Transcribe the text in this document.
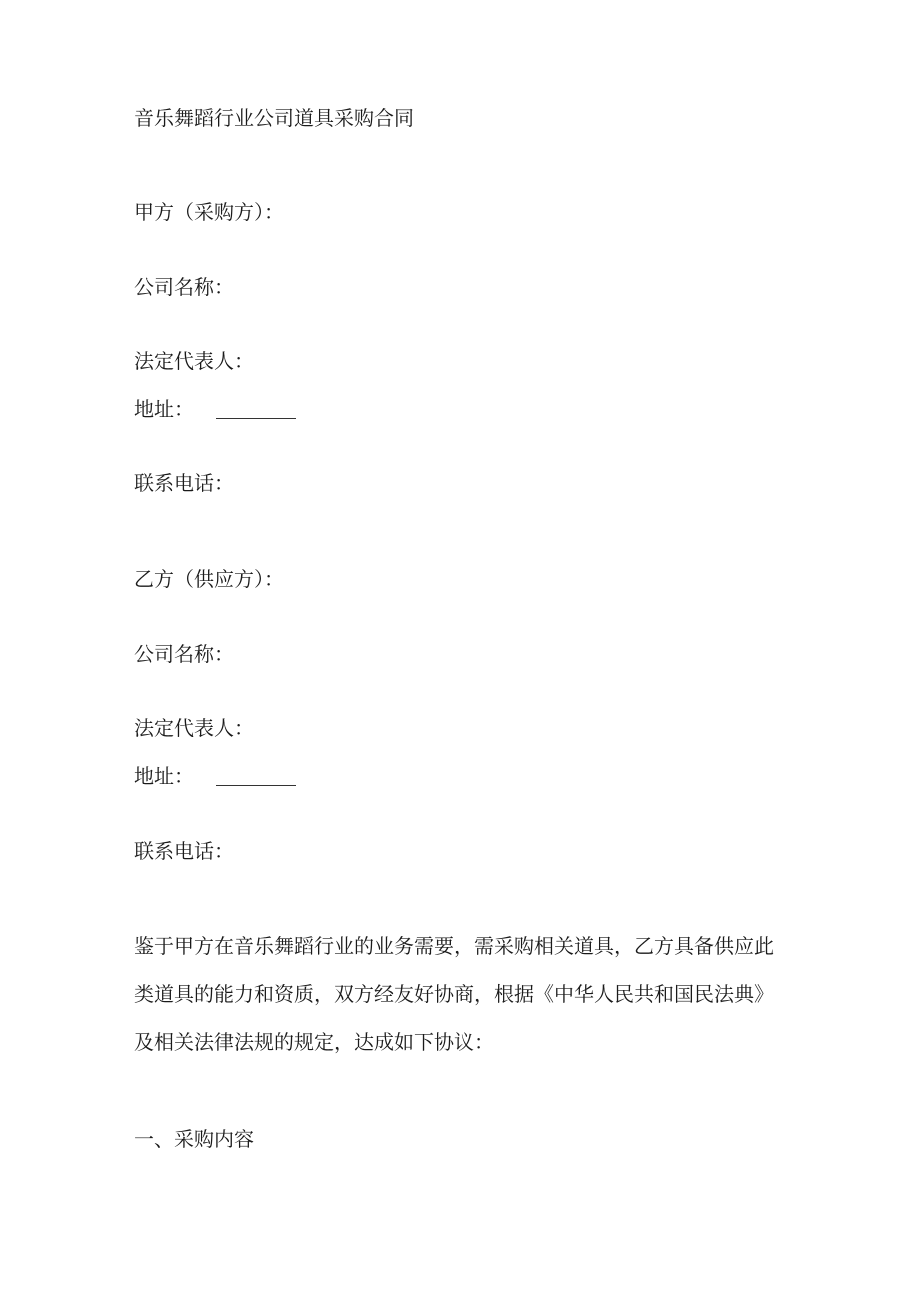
音乐舞蹈行业公司道具采购合同

甲方（采购方）：

公司名称：

法定代表人：

地址：

联系电话：

乙方（供应方）：

公司名称：

法定代表人：

地址：

联系电话：

鉴于甲方在音乐舞蹈行业的业务需要，需采购相关道具，乙方具备供应此
类道具的能力和资质，双方经友好协商，根据《中华人民共和国民法典》
及相关法律法规的规定，达成如下协议：

一、采购内容
